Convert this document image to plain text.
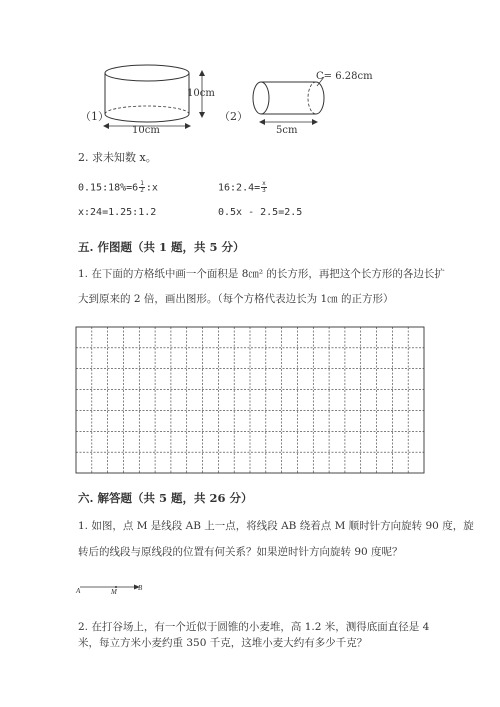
（1）
10cm
10cm
（2）
C= 6.28cm
5cm
2. 求未知数 x。
0.15:18%=6 $\frac{1}{2}$ :x	16:2.4= $\frac{x}{3}$
x:24=1.25:1.2	0.5x - 2.5=2.5
五. 作图题（共 1 题，共 5 分）
1. 在下面的方格纸中画一个面积是 8㎝² 的长方形，再把这个长方形的各边长扩
大到原来的 2 倍，画出图形。（每个方格代表边长为 1㎝ 的正方形）
六. 解答题（共 5 题，共 26 分）
1. 如图，点 M 是线段 AB 上一点，将线段 AB 绕着点 M 顺时针方向旋转 90 度，旋
转后的线段与原线段的位置有何关系？如果逆时针方向旋转 90 度呢？
A	M	B
2. 在打谷场上，有一个近似于圆锥的小麦堆，高 1.2 米，测得底面直径是 4
米，每立方米小麦约重 350 千克，这堆小麦大约有多少千克？
